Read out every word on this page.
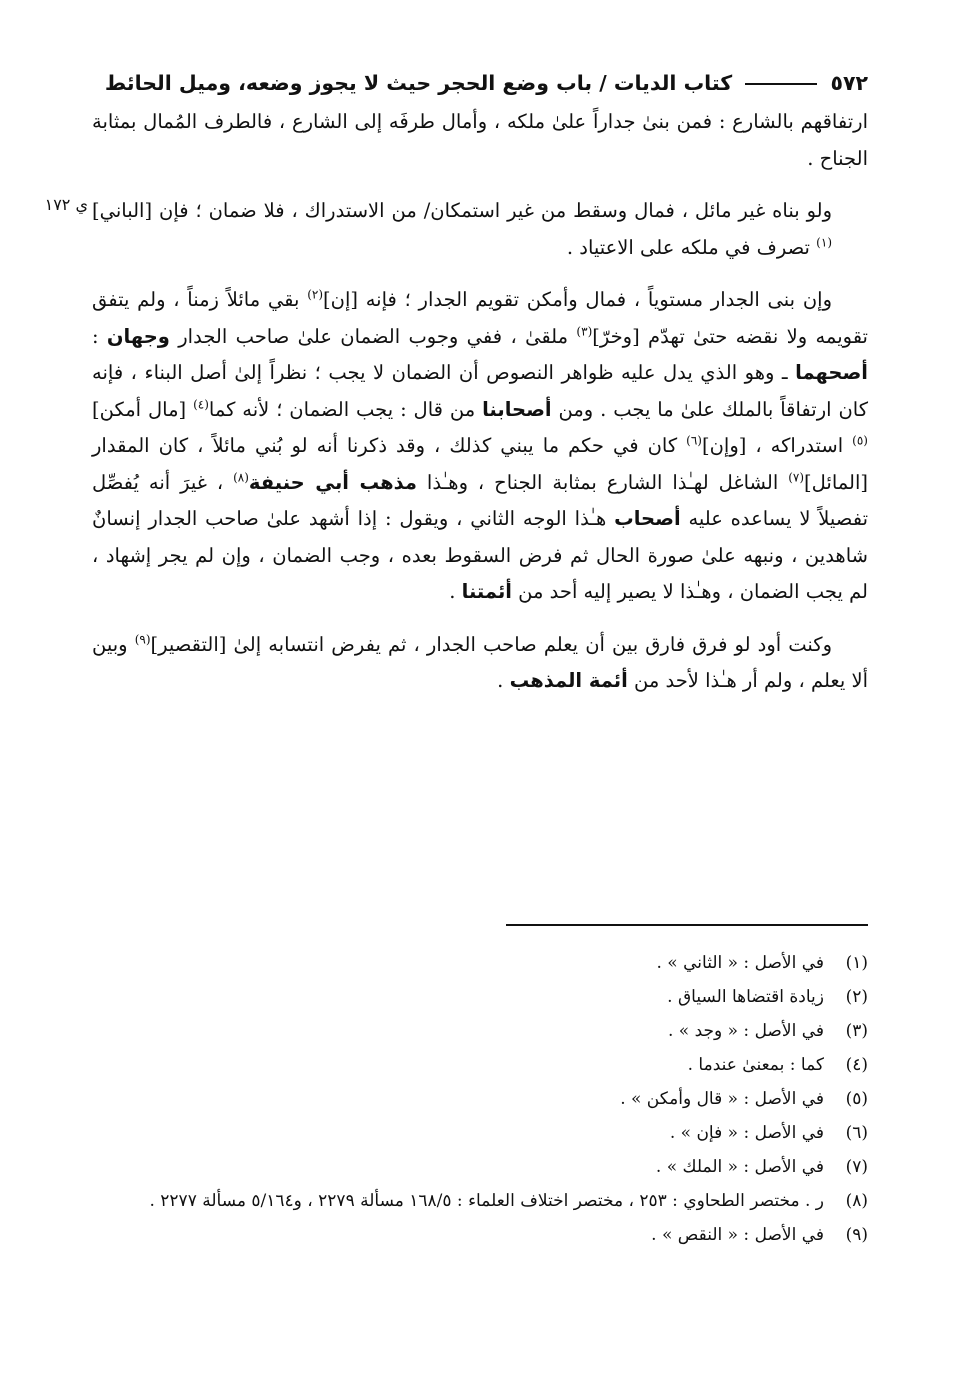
٥٧٢  كتاب الديات / باب وضع الحجر حيث لا يجوز وضعه، وميل الحائط

ارتفاقهم بالشارع : فمن بنىٰ جداراً علىٰ ملكه ، وأمال طرفَه إلى الشارع ، فالطرف المُمال بمثابة الجناح .

ي ١٧٢ ولو بناه غير مائل ، فمال وسقط من غير استمكان/ من الاستدراك ، فلا ضمان ؛ فإن [الباني]$^{(١)}$ تصرف في ملكه على الاعتياد .

وإن بنى الجدار مستوياً ، فمال وأمكن تقويم الجدار ؛ فإنه [إن]$^{(٢)}$ بقي مائلاً زمناً ، ولم يتفق تقويمه ولا نقضه حتىٰ تهدّم [وخرّ]$^{(٣)}$ ملقىٰ ، ففي وجوب الضمان علىٰ صاحب الجدار وجهان : أصحهما ـ وهو الذي يدل عليه ظواهر النصوص أن الضمان لا يجب ؛ نظراً إلىٰ أصل البناء ، فإنه كان ارتفاقاً بالملك علىٰ ما يجب . ومن أصحابنا من قال : يجب الضمان ؛ لأنه كما$^{(٤)}$ [مال أمكن]$^{(٥)}$ استدراكه ، [وإن]$^{(٦)}$ كان في حكم ما يبني كذلك ، وقد ذكرنا أنه لو بُني مائلاً ، كان المقدار [المائل]$^{(٧)}$ الشاغل لهـٰذا الشارع بمثابة الجناح ، وهـٰذا مذهب أبي حنيفة$^{(٨)}$ ، غيرَ أنه يُفصِّل تفصيلاً لا يساعده عليه أصحاب هـٰذا الوجه الثاني ، ويقول : إذا أشهد علىٰ صاحب الجدار إنسانٌ شاهدين ، ونبهه علىٰ صورة الحال ثم فرض السقوط بعده ، وجب الضمان ، وإن لم يجر إشهاد ، لم يجب الضمان ، وهـٰذا لا يصير إليه أحد من أئمتنا .

وكنت أود لو فرق فارق بين أن يعلم صاحب الجدار ، ثم يفرض انتسابه إلىٰ [التقصير]$^{(٩)}$ وبين ألا يعلم ، ولم أر هـٰذا لأحد من أئمة المذهب .

(١)
في الأصل : « الثاني » .
(٢)
زيادة اقتضاها السياق .
(٣)
في الأصل : « وجد » .
(٤)
كما : بمعنىٰ عندما .
(٥)
في الأصل : « قال وأمكن » .
(٦)
في الأصل : « فإن » .
(٧)
في الأصل : « الملك » .
(٨)
ر . مختصر الطحاوي : ٢٥٣ ، مختصر اختلاف العلماء : ١٦٨/٥ مسألة ٢٢٧٩ ، و٥/١٦٤ مسألة ٢٢٧٧ .
(٩)
في الأصل : « النقص » .
